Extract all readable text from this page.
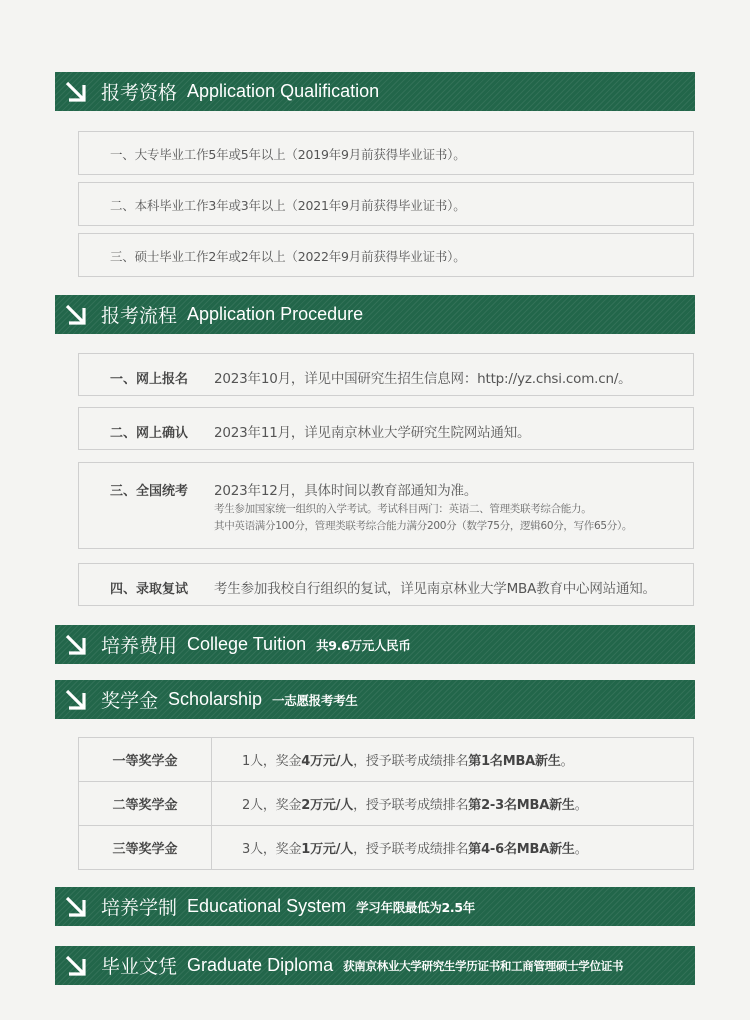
报考资格 Application Qualification
一、大专毕业工作5年或5年以上（2019年9月前获得毕业证书）。
二、本科毕业工作3年或3年以上（2021年9月前获得毕业证书）。
三、硕士毕业工作2年或2年以上（2022年9月前获得毕业证书）。
报考流程 Application Procedure
一、网上报名	2023年10月，详见中国研究生招生信息网：http://yz.chsi.com.cn/。
二、网上确认	2023年11月，详见南京林业大学研究生院网站通知。
三、全国统考	2023年12月，具体时间以教育部通知为准。
考生参加国家统一组织的入学考试。考试科目两门：英语二、管理类联考综合能力。
其中英语满分100分，管理类联考综合能力满分200分（数学75分，逻辑60分，写作65分）。
四、录取复试	考生参加我校自行组织的复试，详见南京林业大学MBA教育中心网站通知。
培养费用 College Tuition 共9.6万元人民币
奖学金 Scholarship 一志愿报考考生
一等奖学金	1人，奖金4万元/人，授予联考成绩排名第1名MBA新生。
二等奖学金	2人，奖金2万元/人，授予联考成绩排名第2-3名MBA新生。
三等奖学金	3人，奖金1万元/人，授予联考成绩排名第4-6名MBA新生。
培养学制 Educational System 学习年限最低为2.5年
毕业文凭 Graduate Diploma 获南京林业大学研究生学历证书和工商管理硕士学位证书
